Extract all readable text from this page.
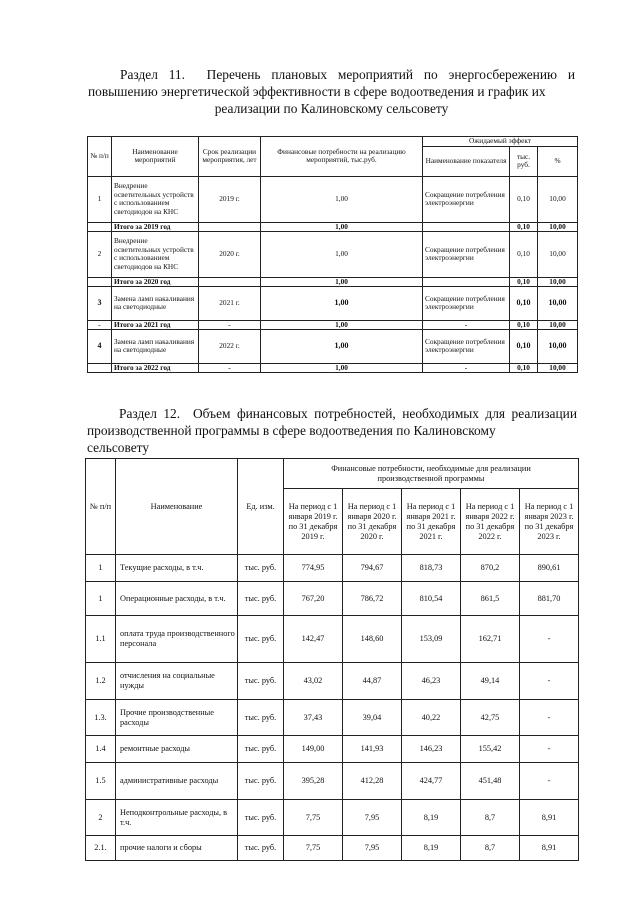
Раздел 11. Перечень плановых мероприятий по энергосбережению и повышению энергетической эффективности в сфере водоотведения и график их
реализации по Калиновскому сельсовету
№ п/п	Наименование мероприятий	Срок реализации мероприятия, лет	Финансовые потребности на реализацию мероприятий, тыс.руб.	Ожидаемый эффект		
				Наименование показателя	тыс. руб.	%
1	Внедрение осветительных устройств с использованием светодиодов на КНС	2019 г.	1,00	Сокращение потребления электроэнергии	0,10	10,00
	Итого за 2019 год		1,00		0,10	10,00
2	Внедрение осветительных устройств с использованием светодиодов на КНС	2020 г.	1,00	Сокращение потребления электроэнергии	0,10	10,00
	Итого за 2020 год		1,00		0,10	10,00
3	Замена ламп накаливания на светодиодные	2021 г.	1,00	Сокращение потребления электроэнергии	0,10	10,00
-	Итого за 2021 год	-	1,00	-	0,10	10,00
4	Замена ламп накаливания на светодиодные	2022 г.	1,00	Сокращение потребления электроэнергии	0,10	10,00
	Итого за 2022 год	-	1,00	-	0,10	10,00
Раздел 12. Объем финансовых потребностей, необходимых для реализации производственной программы в сфере водоотведения по Калиновскому
сельсовету
№ п/п	Наименование	Ед. изм.	Финансовые потребности, необходимые для реализации производственной программы				
			На период с 1 января 2019 г. по 31 декабря 2019 г.	На период с 1 января 2020 г. по 31 декабря 2020 г.	На период с 1 января 2021 г. по 31 декабря 2021 г.	На период с 1 января 2022 г. по 31 декабря 2022 г.	На период с 1 января 2023 г. по 31 декабря 2023 г.
1	Текущие расходы, в т.ч.	тыс. руб.	774,95	794,67	818,73	870,2	890,61
1	Операционные расходы, в т.ч.	тыс. руб.	767,20	786,72	810,54	861,5	881,70
1.1	оплата труда производственного персонала	тыс. руб.	142,47	148,60	153,09	162,71	-
1.2	отчисления на социальные нужды	тыс. руб.	43,02	44,87	46,23	49,14	-
1.3.	Прочие производственные расходы	тыс. руб.	37,43	39,04	40,22	42,75	-
1.4	ремонтные расходы	тыс. руб.	149,00	141,93	146,23	155,42	-
1.5	административные расходы	тыс. руб.	395,28	412,28	424,77	451,48	-
2	Неподконтрольные расходы, в т.ч.	тыс. руб.	7,75	7,95	8,19	8,7	8,91
2.1.	прочие налоги и сборы	тыс. руб.	7,75	7,95	8,19	8,7	8,91
